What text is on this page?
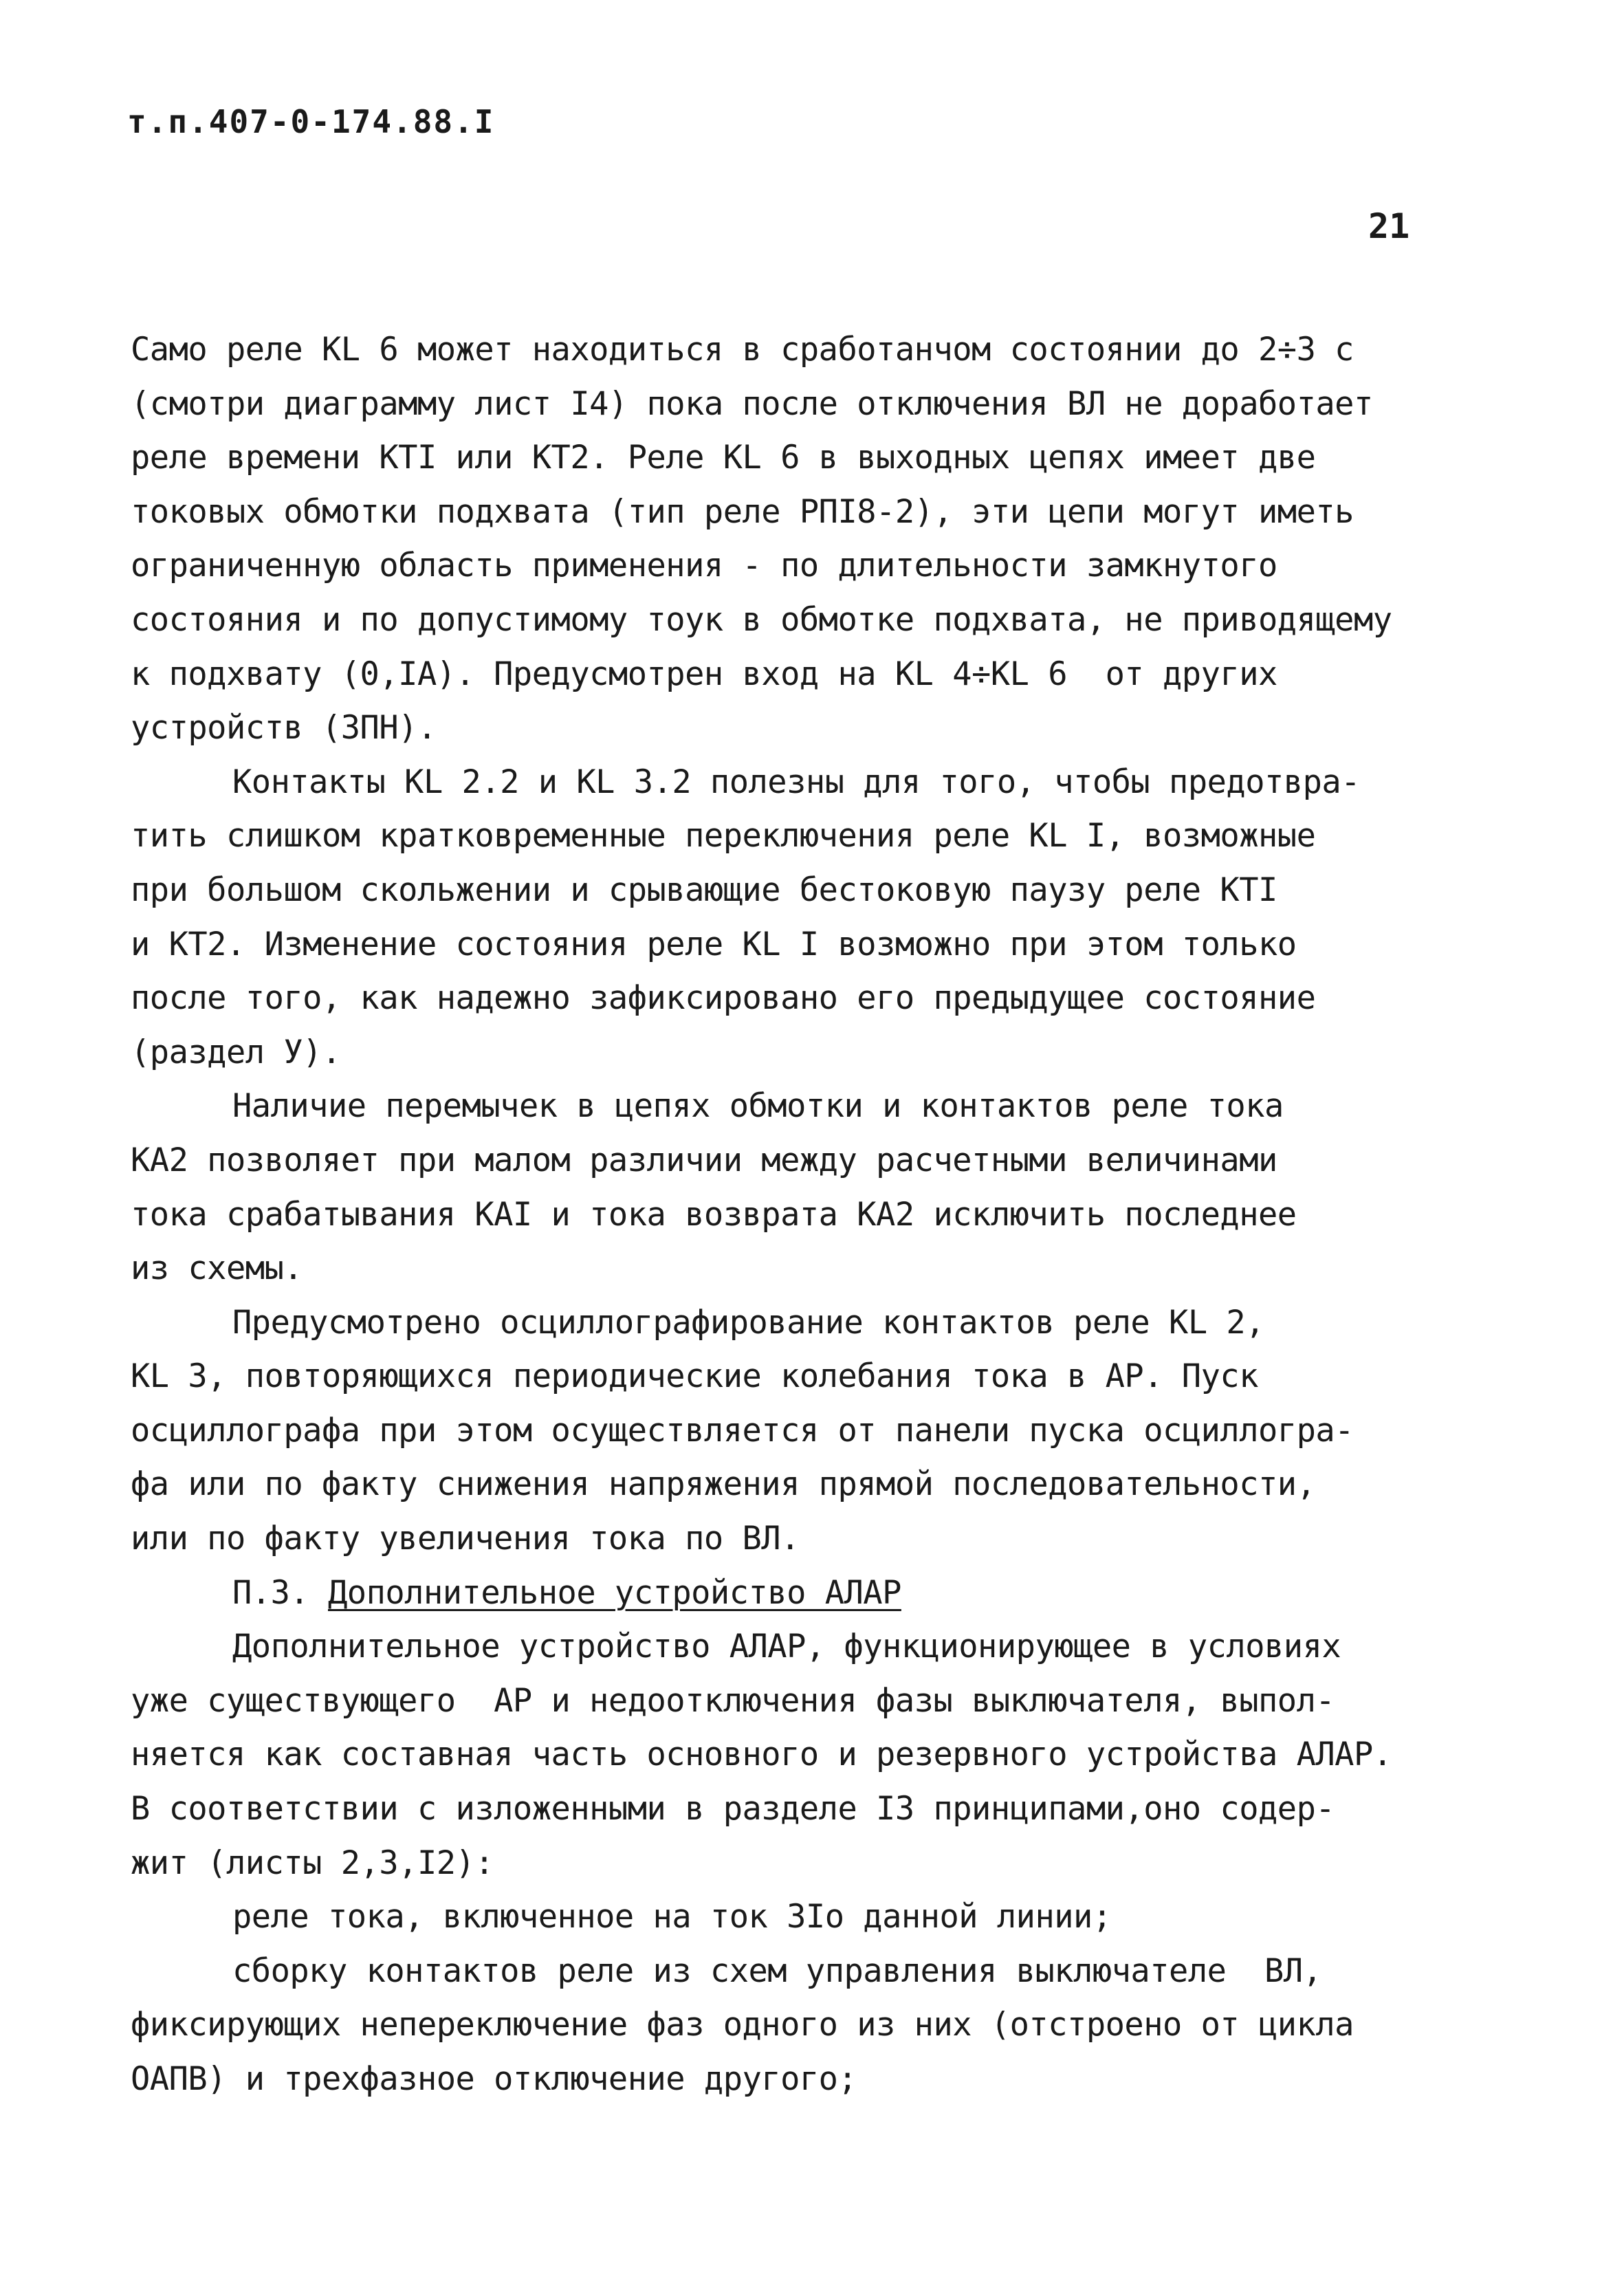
т.п.407-0-174.88.I
21
Само реле KL 6 может находиться в сработанчом состоянии до 2÷3 с
(смотри диаграмму лист I4) пока после отключения ВЛ не доработает
реле времени КТI или КТ2. Реле KL 6 в выходных цепях имеет две
токовых обмотки подхвата (тип реле РПI8-2), эти цепи могут иметь
ограниченную область применения - по длительности замкнутого
состояния и по допустимому тоук в обмотке подхвата, не приводящему
к подхвату (0,IA). Предусмотрен вход на KL 4÷KL 6  от других
устройств (ЗПН).
Контакты KL 2.2 и KL 3.2 полезны для того, чтобы предотвра-
тить слишком кратковременные переключения реле KL I, возможные
при большом скольжении и срывающие бестоковую паузу реле КТI
и КТ2. Изменение состояния реле KL I возможно при этом только
после того, как надежно зафиксировано его предыдущее состояние
(раздел У).
Наличие перемычек в цепях обмотки и контактов реле тока
КА2 позволяет при малом различии между расчетными величинами
тока срабатывания КАI и тока возврата КА2 исключить последнее
из схемы.
Предусмотрено осциллографирование контактов реле KL 2,
KL 3, повторяющихся периодические колебания тока в АР. Пуск
осциллографа при этом осуществляется от панели пуска осциллогра-
фа или по факту снижения напряжения прямой последовательности,
или по факту увеличения тока по ВЛ.
П.3. Дополнительное устройство АЛАР
Дополнительное устройство АЛАР, функционирующее в условиях
уже существующего  АР и недоотключения фазы выключателя, выпол-
няется как составная часть основного и резервного устройства АЛАР.
В соответствии с изложенными в разделе I3 принципами,оно содер-
жит (листы 2,3,I2):
реле тока, включенное на ток 3Io данной линии;
сборку контактов реле из схем управления выключателе  ВЛ,
фиксирующих непереключение фаз одного из них (отстроено от цикла
ОАПВ) и трехфазное отключение другого;
